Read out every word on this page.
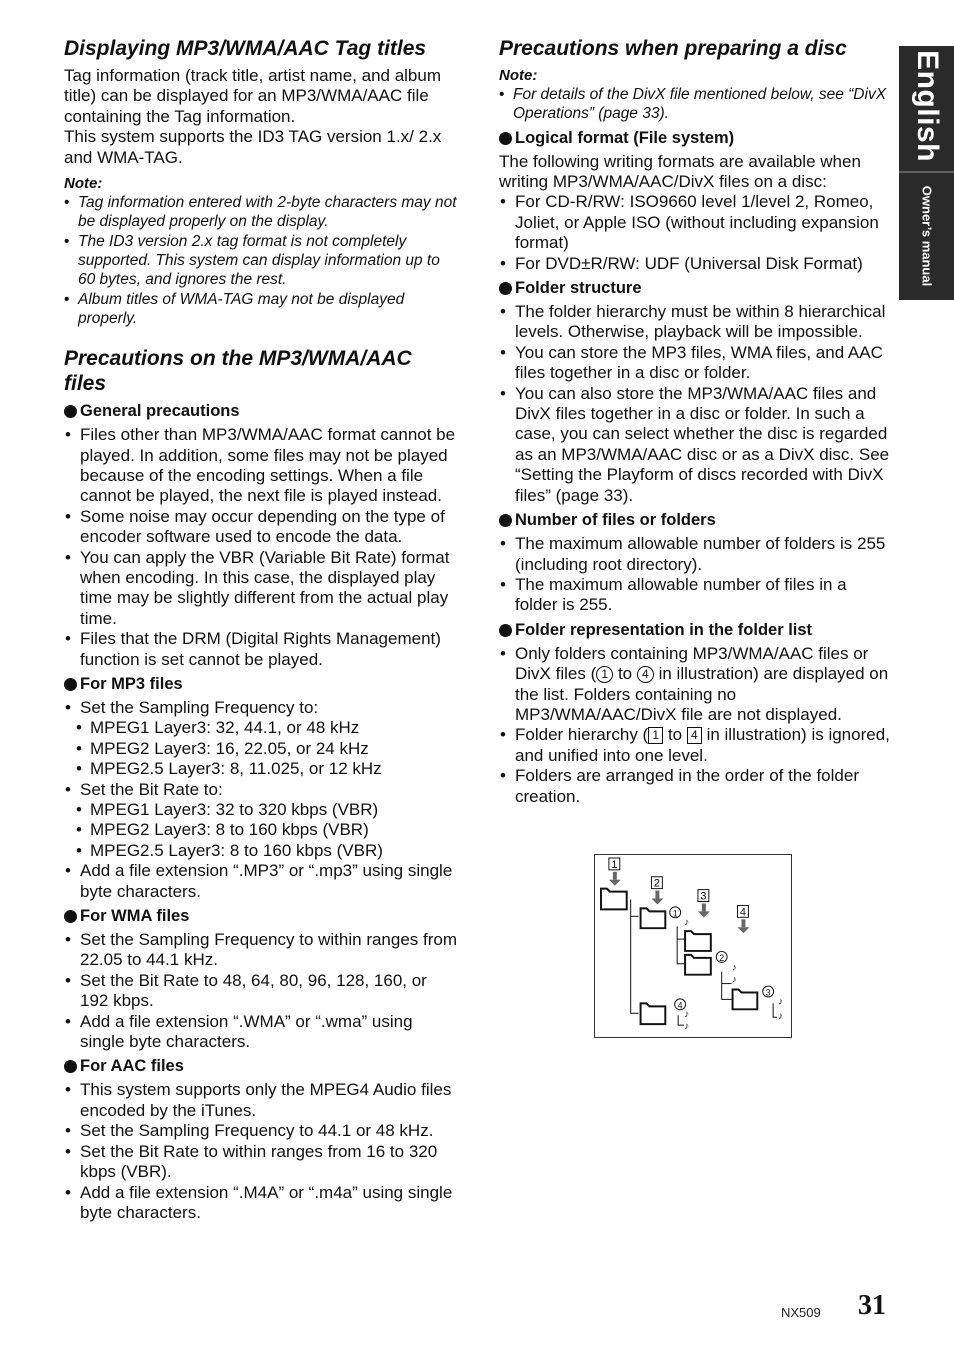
Displaying MP3/WMA/AAC Tag titles

Tag information (track title, artist name, and album title) can be displayed for an MP3/WMA/AAC file containing the Tag information.

This system supports the ID3 TAG version 1.x/ 2.x and WMA-TAG.

Note:

• Tag information entered with 2-byte characters may not be displayed properly on the display.
• The ID3 version 2.x tag format is not completely supported. This system can display information up to 60 bytes, and ignores the rest.
• Album titles of WMA-TAG may not be displayed properly.
Precautions on the MP3/WMA/AAC files
General precautions
• Files other than MP3/WMA/AAC format cannot be played. In addition, some files may not be played because of the encoding settings. When a file cannot be played, the next file is played instead.
• Some noise may occur depending on the type of encoder software used to encode the data.
• You can apply the VBR (Variable Bit Rate) format when encoding. In this case, the displayed play time may be slightly different from the actual play time.
• Files that the DRM (Digital Rights Management) function is set cannot be played.
For MP3 files
• Set the Sampling Frequency to:
• MPEG1 Layer3: 32, 44.1, or 48 kHz
• MPEG2 Layer3: 16, 22.05, or 24 kHz
• MPEG2.5 Layer3: 8, 11.025, or 12 kHz
• Set the Bit Rate to:
• MPEG1 Layer3: 32 to 320 kbps (VBR)
• MPEG2 Layer3: 8 to 160 kbps (VBR)
• MPEG2.5 Layer3: 8 to 160 kbps (VBR)
• Add a file extension “.MP3” or “.mp3” using single byte characters.
For WMA files
• Set the Sampling Frequency to within ranges from 22.05 to 44.1 kHz.
• Set the Bit Rate to 48, 64, 80, 96, 128, 160, or 192 kbps.
• Add a file extension “.WMA” or “.wma” using single byte characters.
For AAC files
• This system supports only the MPEG4 Audio files encoded by the iTunes.
• Set the Sampling Frequency to 44.1 or 48 kHz.
• Set the Bit Rate to within ranges from 16 to 320 kbps (VBR).
• Add a file extension “.M4A” or “.m4a” using single byte characters.
Precautions when preparing a disc

Note:

• For details of the DivX file mentioned below, see “DivX Operations” (page 33).
Logical format (File system)

The following writing formats are available when writing MP3/WMA/AAC/DivX files on a disc:

• For CD-R/RW: ISO9660 level 1/level 2, Romeo, Joliet, or Apple ISO (without including expansion format)
• For DVD±R/RW: UDF (Universal Disk Format)
Folder structure
• The folder hierarchy must be within 8 hierarchical levels. Otherwise, playback will be impossible.
• You can store the MP3 files, WMA files, and AAC files together in a disc or folder.
• You can also store the MP3/WMA/AAC files and DivX files together in a disc or folder. In such a case, you can select whether the disc is regarded as an MP3/WMA/AAC disc or as a DivX disc. See “Setting the Playform of discs recorded with DivX files” (page 33).
Number of files or folders
• The maximum allowable number of folders is 255 (including root directory).
• The maximum allowable number of files in a folder is 255.
Folder representation in the folder list
• Only folders containing MP3/WMA/AAC files or DivX files ( 1 to 4 in illustration) are displayed on the list. Folders containing no MP3/WMA/AAC/DivX file are not displayed.
• Folder hierarchy ( 1 to 4 in illustration) is ignored, and unified into one level.
• Folders are arranged in the order of the folder creation.
1
2
3
4
1
2
3
4
♪
♪
♪
♪
♪
♪
♪
English
Owner’s manual
NX509 31
